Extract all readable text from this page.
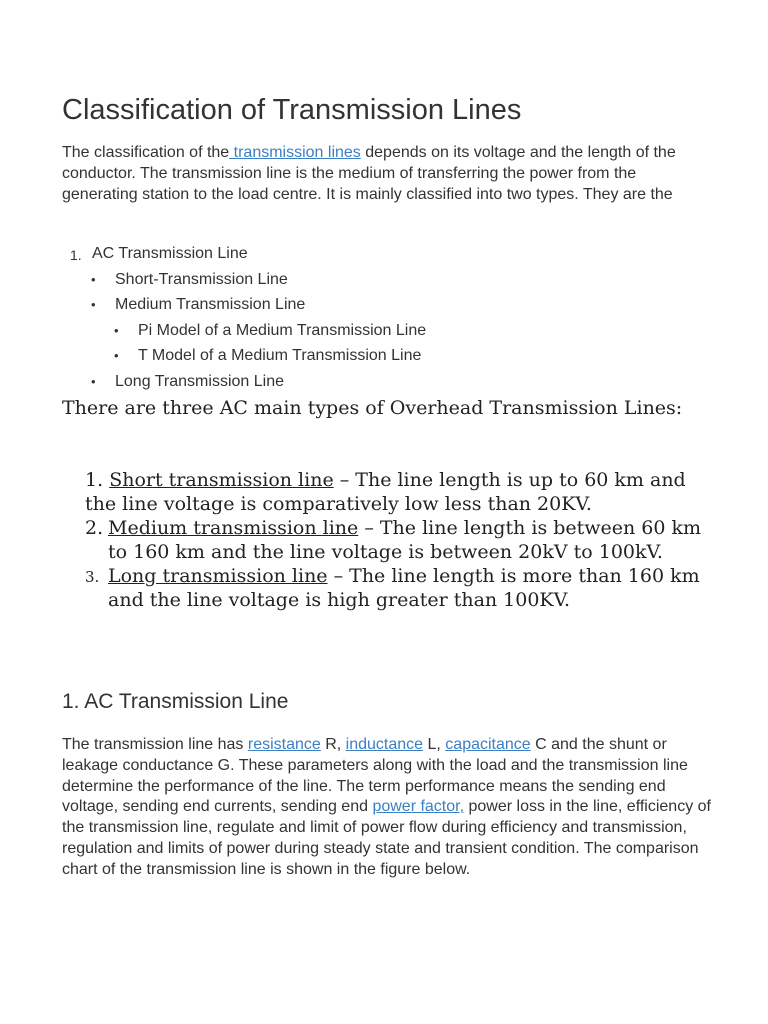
Classification of Transmission Lines

The classification of the transmission lines depends on its voltage and the length of the conductor. The transmission line is the medium of transferring the power from the generating station to the load centre. It is mainly classified into two types. They are the

1. AC Transmission Line
• Short-Transmission Line
• Medium Transmission Line
• Pi Model of a Medium Transmission Line
• T Model of a Medium Transmission Line
• Long Transmission Line

There are three AC main types of Overhead Transmission Lines:

1. Short transmission line – The line length is up to 60 km and the line voltage is comparatively low less than 20KV.
2. Medium transmission line – The line length is between 60 km to 160 km and the line voltage is between 20kV to 100kV.
3. Long transmission line – The line length is more than 160 km and the line voltage is high greater than 100KV.
1. AC Transmission Line

The transmission line has resistance R, inductance L, capacitance C and the shunt or leakage conductance G. These parameters along with the load and the transmission line determine the performance of the line. The term performance means the sending end voltage, sending end currents, sending end power factor, power loss in the line, efficiency of the transmission line, regulate and limit of power flow during efficiency and transmission, regulation and limits of power during steady state and transient condition. The comparison chart of the transmission line is shown in the figure below.
